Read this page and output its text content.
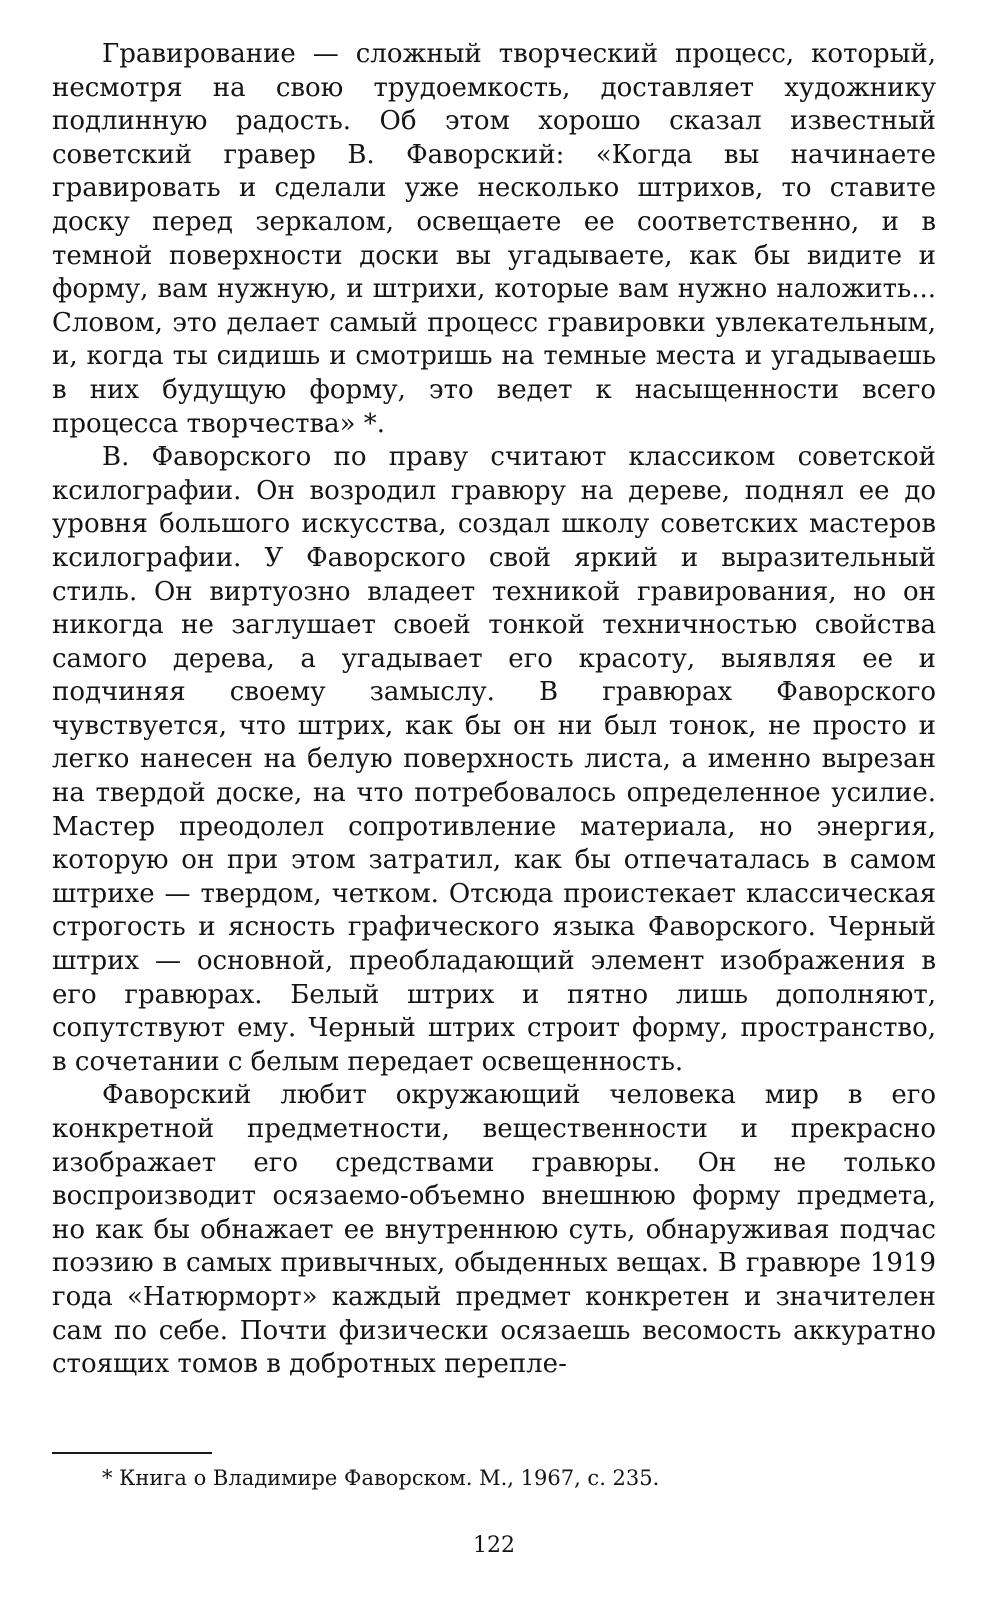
Гравирование — сложный творческий процесс, который, несмотря на свою трудоемкость, доставляет художнику подлинную радость. Об этом хорошо сказал известный советский гравер В. Фаворский: «Когда вы начинаете гравировать и сделали уже несколько штрихов, то ставите доску перед зеркалом, освещаете ее соответственно, и в темной поверхности доски вы угадываете, как бы видите и форму, вам нужную, и штрихи, которые вам нужно наложить... Словом, это делает самый процесс гравировки увлекательным, и, когда ты сидишь и смотришь на темные места и угадываешь в них будущую форму, это ведет к насыщенности всего процесса творчества» *.

В. Фаворского по праву считают классиком советской ксилографии. Он возродил гравюру на дереве, поднял ее до уровня большого искусства, создал школу советских мастеров ксилографии. У Фаворского свой яркий и выразительный стиль. Он виртуозно владеет техникой гравирования, но он никогда не заглушает своей тонкой техничностью свойства самого дерева, а угадывает его красоту, выявляя ее и подчиняя своему замыслу. В гравюрах Фаворского чувствуется, что штрих, как бы он ни был тонок, не просто и легко нанесен на белую поверхность листа, а именно вырезан на твердой доске, на что потребовалось определенное усилие. Мастер преодолел сопротивление материала, но энергия, которую он при этом затратил, как бы отпечаталась в самом штрихе — твердом, четком. Отсюда проистекает классическая строгость и ясность графического языка Фаворского. Черный штрих — основной, преобладающий элемент изображения в его гравюрах. Белый штрих и пятно лишь дополняют, сопутствуют ему. Черный штрих строит форму, пространство, в сочетании с белым передает освещенность.

Фаворский любит окружающий человека мир в его конкретной предметности, вещественности и прекрасно изображает его средствами гравюры. Он не только воспроизводит осязаемо-объемно внешнюю форму предмета, но как бы обнажает ее внутреннюю суть, обнаруживая подчас поэзию в самых привычных, обыденных вещах. В гравюре 1919 года «Натюрморт» каждый предмет конкретен и значителен сам по себе. Почти физически осязаешь весомость аккуратно стоящих томов в добротных переплe-

* Книга о Владимире Фаворском. М., 1967, с. 235.
122
